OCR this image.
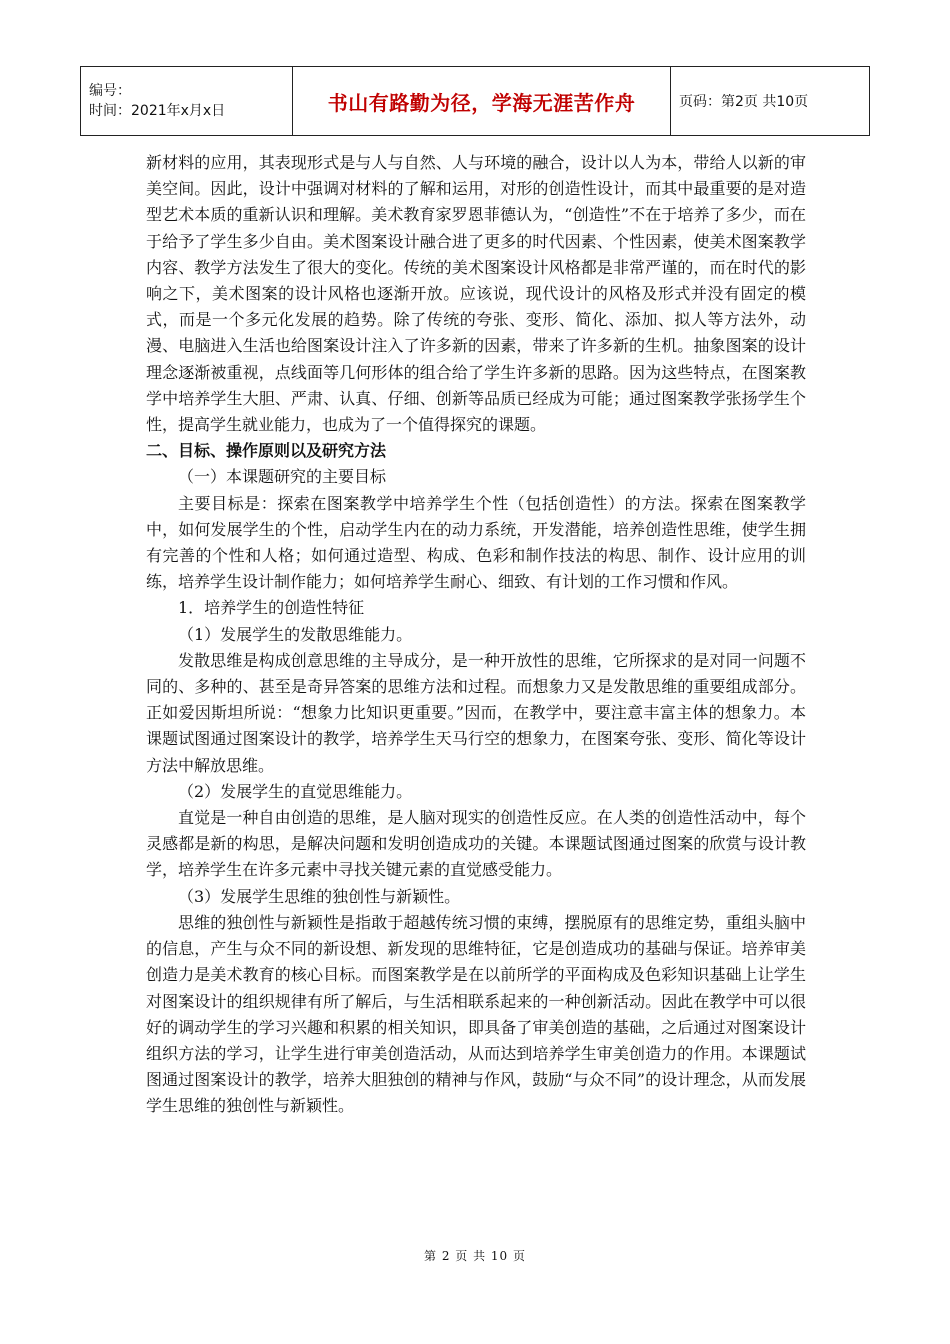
编号：
时间：2021年x月x日	书山有路勤为径，学海无涯苦作舟	页码：第2页 共10页

新材料的应用，其表现形式是与人与自然、人与环境的融合，设计以人为本，带给人以新的审美空间。因此，设计中强调对材料的了解和运用，对形的创造性设计，而其中最重要的是对造型艺术本质的重新认识和理解。美术教育家罗恩菲德认为，“创造性”不在于培养了多少，而在于给予了学生多少自由。美术图案设计融合进了更多的时代因素、个性因素，使美术图案教学内容、教学方法发生了很大的变化。传统的美术图案设计风格都是非常严谨的，而在时代的影响之下，美术图案的设计风格也逐渐开放。应该说，现代设计的风格及形式并没有固定的模式，而是一个多元化发展的趋势。除了传统的夸张、变形、简化、添加、拟人等方法外，动漫、电脑进入生活也给图案设计注入了许多新的因素，带来了许多新的生机。抽象图案的设计理念逐渐被重视，点线面等几何形体的组合给了学生许多新的思路。因为这些特点，在图案教学中培养学生大胆、严肃、认真、仔细、创新等品质已经成为可能；通过图案教学张扬学生个性，提高学生就业能力，也成为了一个值得探究的课题。

二、目标、操作原则以及研究方法

（一）本课题研究的主要目标

主要目标是：探索在图案教学中培养学生个性（包括创造性）的方法。探索在图案教学中，如何发展学生的个性，启动学生内在的动力系统，开发潜能，培养创造性思维，使学生拥有完善的个性和人格；如何通过造型、构成、色彩和制作技法的构思、制作、设计应用的训练，培养学生设计制作能力；如何培养学生耐心、细致、有计划的工作习惯和作风。

1．培养学生的创造性特征

（1）发展学生的发散思维能力。

发散思维是构成创意思维的主导成分，是一种开放性的思维，它所探求的是对同一问题不同的、多种的、甚至是奇异答案的思维方法和过程。而想象力又是发散思维的重要组成部分。正如爱因斯坦所说：“想象力比知识更重要。”因而，在教学中，要注意丰富主体的想象力。本课题试图通过图案设计的教学，培养学生天马行空的想象力，在图案夸张、变形、简化等设计方法中解放思维。

（2）发展学生的直觉思维能力。

直觉是一种自由创造的思维，是人脑对现实的创造性反应。在人类的创造性活动中，每个灵感都是新的构思，是解决问题和发明创造成功的关键。本课题试图通过图案的欣赏与设计教学，培养学生在许多元素中寻找关键元素的直觉感受能力。

（3）发展学生思维的独创性与新颖性。

思维的独创性与新颖性是指敢于超越传统习惯的束缚，摆脱原有的思维定势，重组头脑中的信息，产生与众不同的新设想、新发现的思维特征，它是创造成功的基础与保证。培养审美创造力是美术教育的核心目标。而图案教学是在以前所学的平面构成及色彩知识基础上让学生对图案设计的组织规律有所了解后，与生活相联系起来的一种创新活动。因此在教学中可以很好的调动学生的学习兴趣和积累的相关知识，即具备了审美创造的基础，之后通过对图案设计组织方法的学习，让学生进行审美创造活动，从而达到培养学生审美创造力的作用。本课题试图通过图案设计的教学，培养大胆独创的精神与作风，鼓励“与众不同”的设计理念，从而发展学生思维的独创性与新颖性。

第 2 页 共 10 页
